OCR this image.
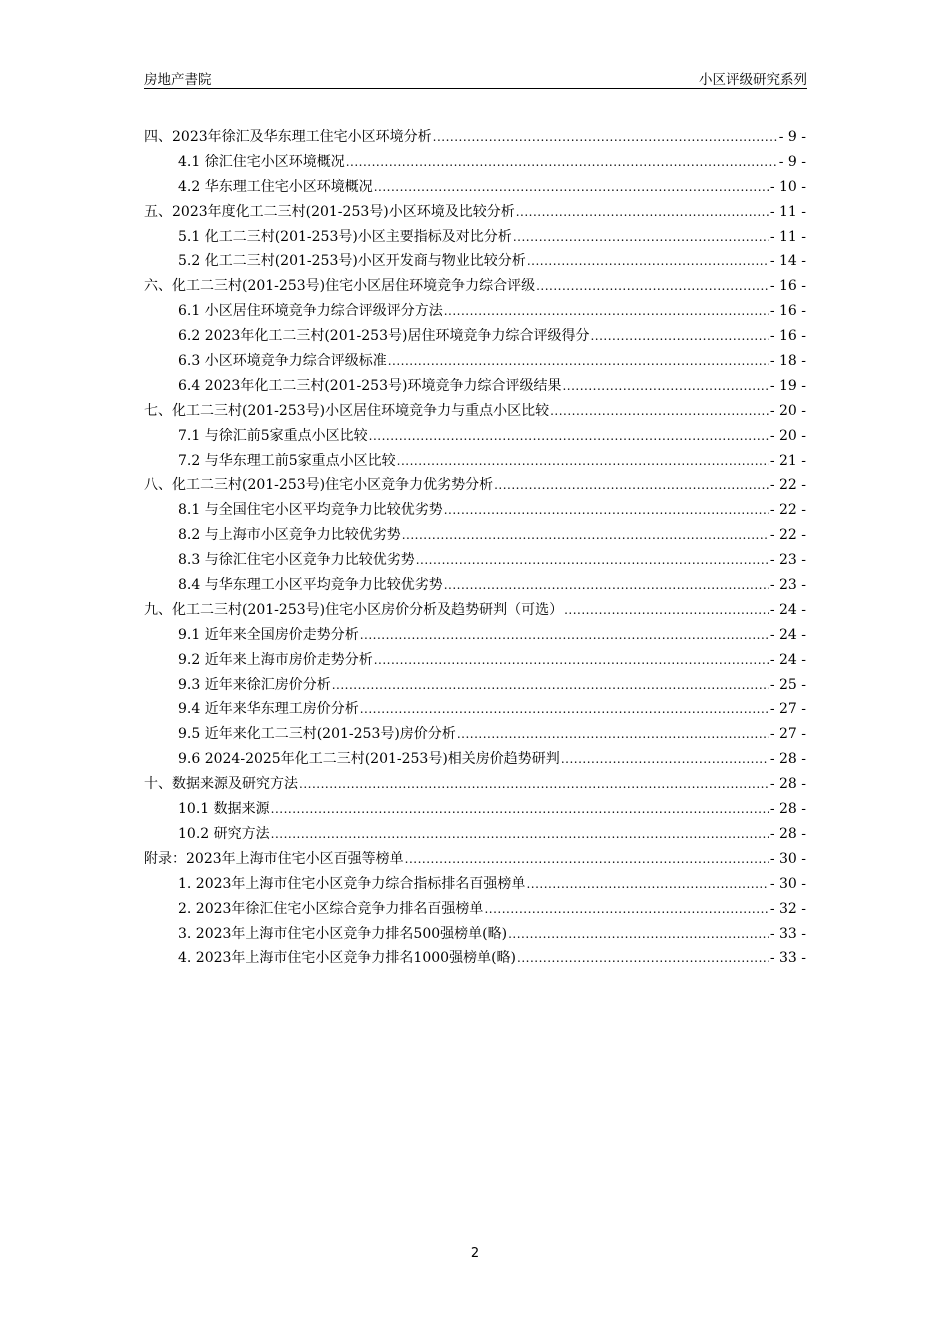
房地产書院	小区评级研究系列
四、2023年徐汇及华东理工住宅小区环境分析 .....	- 9 -
4.1 徐汇住宅小区环境概况 .....	- 9 -
4.2 华东理工住宅小区环境概况 .....	- 10 -
五、2023年度化工二三村(201-253号)小区环境及比较分析 .....	- 11 -
5.1 化工二三村(201-253号)小区主要指标及对比分析 .....	- 11 -
5.2 化工二三村(201-253号)小区开发商与物业比较分析 .....	- 14 -
六、化工二三村(201-253号)住宅小区居住环境竞争力综合评级 .....	- 16 -
6.1 小区居住环境竞争力综合评级评分方法 .....	- 16 -
6.2 2023年化工二三村(201-253号)居住环境竞争力综合评级得分 .....	- 16 -
6.3 小区环境竞争力综合评级标准 .....	- 18 -
6.4 2023年化工二三村(201-253号)环境竞争力综合评级结果 .....	- 19 -
七、化工二三村(201-253号)小区居住环境竞争力与重点小区比较 .....	- 20 -
7.1 与徐汇前5家重点小区比较 .....	- 20 -
7.2 与华东理工前5家重点小区比较 .....	- 21 -
八、化工二三村(201-253号)住宅小区竞争力优劣势分析 .....	- 22 -
8.1 与全国住宅小区平均竞争力比较优劣势 .....	- 22 -
8.2 与上海市小区竞争力比较优劣势 .....	- 22 -
8.3 与徐汇住宅小区竞争力比较优劣势 .....	- 23 -
8.4 与华东理工小区平均竞争力比较优劣势 .....	- 23 -
九、化工二三村(201-253号)住宅小区房价分析及趋势研判（可选） .....	- 24 -
9.1 近年来全国房价走势分析 .....	- 24 -
9.2 近年来上海市房价走势分析 .....	- 24 -
9.3 近年来徐汇房价分析 .....	- 25 -
9.4 近年来华东理工房价分析 .....	- 27 -
9.5 近年来化工二三村(201-253号)房价分析 .....	- 27 -
9.6 2024-2025年化工二三村(201-253号)相关房价趋势研判 .....	- 28 -
十、数据来源及研究方法 .....	- 28 -
10.1 数据来源 .....	- 28 -
10.2 研究方法 .....	- 28 -
附录：2023年上海市住宅小区百强等榜单 .....	- 30 -
1. 2023年上海市住宅小区竞争力综合指标排名百强榜单 .....	- 30 -
2. 2023年徐汇住宅小区综合竞争力排名百强榜单 .....	- 32 -
3. 2023年上海市住宅小区竞争力排名500强榜单(略) .....	- 33 -
4. 2023年上海市住宅小区竞争力排名1000强榜单(略) .....	- 33 -
2
